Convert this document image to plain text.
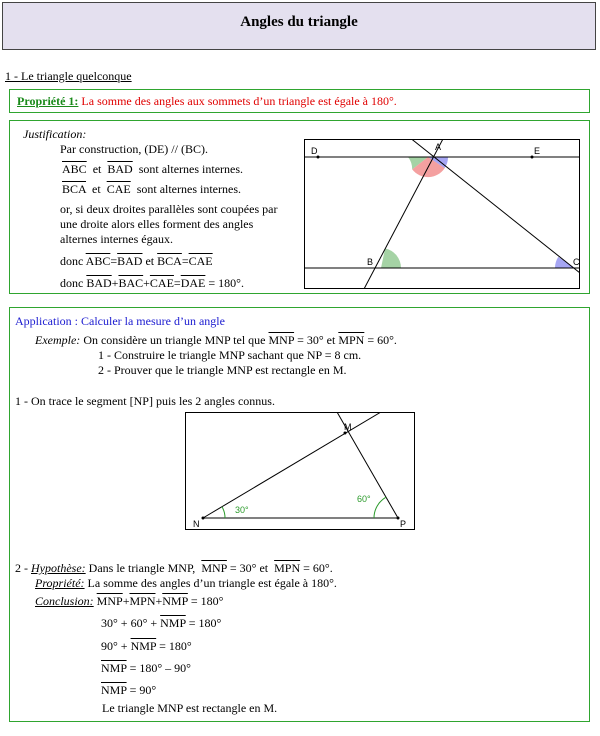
Angles du triangle
1 - Le triangle quelconque
Propriété 1: La somme des angles aux sommets d’un triangle est égale à 180°.
Justification:
Par construction, (DE) // (BC).
$\overline{ABC}$ et $\overline{BAD}$ sont alternes internes.
$\overline{BCA}$ et $\overline{CAE}$ sont alternes internes.
or, si deux droites parallèles sont coupées par
une droite alors elles forment des angles
alternes internes égaux.
donc $\overline{ABC}=\overline{BAD}$ et $\overline{BCA}=\overline{CAE}$
donc $\overline{BAD}+\overline{BAC}+\overline{CAE}=\overline{DAE} = 180^\circ$.
D	E
A
B	C
Application : Calculer la mesure d’un angle
Exemple: On considère un triangle MNP tel que $\overline{MNP} = 30^\circ$ et $\overline{MPN} = 60^\circ$.
1 - Construire le triangle MNP sachant que NP = 8 cm.
2 - Prouver que le triangle MNP est rectangle en M.
1 - On trace le segment [NP] puis les 2 angles connus.
N	P
M
30°
60°
2 - Hypothèse: Dans le triangle MNP, $\overline{MNP} = 30^\circ$ et $\overline{MPN} = 60^\circ$.
Propriété: La somme des angles d’un triangle est égale à 180°.
Conclusion: $\overline{MNP}+\overline{MPN}+\overline{NMP} = 180^\circ$
$30^\circ + 60^\circ + \overline{NMP} = 180^\circ$
$90^\circ + \overline{NMP} = 180^\circ$
$\overline{NMP} = 180^\circ - 90^\circ$
$\overline{NMP} = 90^\circ$
Le triangle MNP est rectangle en M.
